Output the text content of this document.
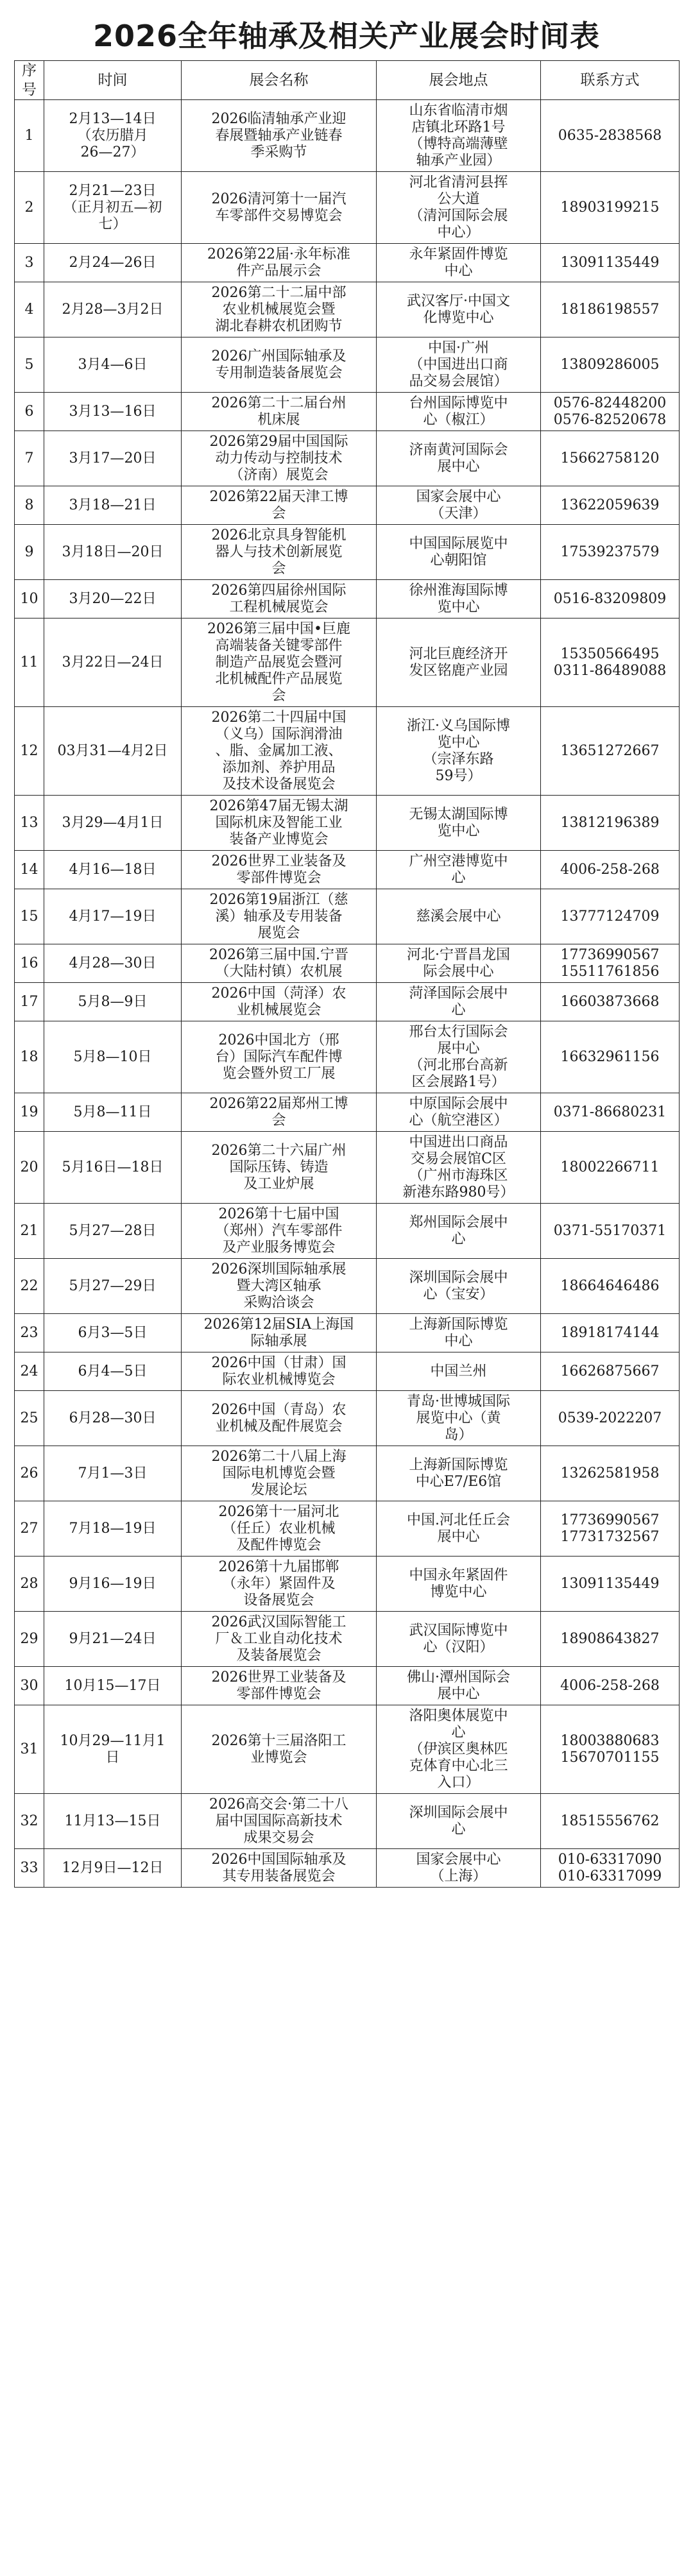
2026全年轴承及相关产业展会时间表
序号	时间	展会名称	展会地点	联系方式

1	2月13—14日
（农历腊月
26—27）	2026临清轴承产业迎
春展暨轴承产业链春
季采购节	山东省临清市烟
店镇北环路1号
（博特高端薄壁
轴承产业园）	0635-2838568

2	2月21—23日
（正月初五—初
七）	2026清河第十一届汽
车零部件交易博览会	河北省清河县挥
公大道
（清河国际会展
中心）	18903199215

3	2月24—26日	2026第22届·永年标准
件产品展示会	永年紧固件博览
中心	13091135449

4	2月28—3月2日	2026第二十二届中部
农业机械展览会暨
湖北春耕农机团购节	武汉客厅·中国文
化博览中心	18186198557

5	3月4—6日	2026广州国际轴承及
专用制造装备展览会	中国·广州
（中国进出口商
品交易会展馆）	13809286005

6	3月13—16日	2026第二十二届台州
机床展	台州国际博览中
心（椒江）	0576-82448200
0576-82520678

7	3月17—20日	2026第29届中国国际
动力传动与控制技术
（济南）展览会	济南黄河国际会
展中心	15662758120

8	3月18—21日	2026第22届天津工博
会	国家会展中心
（天津）	13622059639

9	3月18日—20日	2026北京具身智能机
器人与技术创新展览
会	中国国际展览中
心朝阳馆	17539237579

10	3月20—22日	2026第四届徐州国际
工程机械展览会	徐州淮海国际博
览中心	0516-83209809

11	3月22日—24日	2026第三届中国•巨鹿
高端装备关键零部件
制造产品展览会暨河
北机械配件产品展览
会	河北巨鹿经济开
发区铭鹿产业园	15350566495
0311-86489088

12	03月31—4月2日	2026第二十四届中国
（义乌）国际润滑油
、脂、金属加工液、
添加剂、养护用品
及技术设备展览会	浙江·义乌国际博
览中心
（宗泽东路
59号）	13651272667

13	3月29—4月1日	2026第47届无锡太湖
国际机床及智能工业
装备产业博览会	无锡太湖国际博
览中心	13812196389

14	4月16—18日	2026世界工业装备及
零部件博览会	广州空港博览中
心	4006-258-268

15	4月17—19日	2026第19届浙江（慈
溪）轴承及专用装备
展览会	慈溪会展中心	13777124709

16	4月28—30日	2026第三届中国.宁晋
（大陆村镇）农机展	河北·宁晋昌龙国
际会展中心	17736990567
15511761856

17	5月8—9日	2026中国（菏泽）农
业机械展览会	菏泽国际会展中
心	16603873668

18	5月8—10日	2026中国北方（邢
台）国际汽车配件博
览会暨外贸工厂展	邢台太行国际会
展中心
（河北邢台高新
区会展路1号）	16632961156

19	5月8—11日	2026第22届郑州工博
会	中原国际会展中
心（航空港区）	0371-86680231

20	5月16日—18日	2026第二十六届广州
国际压铸、铸造
及工业炉展	中国进出口商品
交易会展馆C区
（广州市海珠区
新港东路980号）	18002266711

21	5月27—28日	2026第十七届中国
（郑州）汽车零部件
及产业服务博览会	郑州国际会展中
心	0371-55170371

22	5月27—29日	2026深圳国际轴承展
暨大湾区轴承
采购洽谈会	深圳国际会展中
心（宝安）	18664646486

23	6月3—5日	2026第12届SIA上海国
际轴承展	上海新国际博览
中心	18918174144

24	6月4—5日	2026中国（甘肃）国
际农业机械博览会	中国兰州	16626875667

25	6月28—30日	2026中国（青岛）农
业机械及配件展览会	青岛·世博城国际
展览中心（黄
岛）	0539-2022207

26	7月1—3日	2026第二十八届上海
国际电机博览会暨
发展论坛	上海新国际博览
中心E7/E6馆	13262581958

27	7月18—19日	2026第十一届河北
（任丘）农业机械
及配件博览会	中国.河北任丘会
展中心	17736990567
17731732567

28	9月16—19日	2026第十九届邯郸
（永年）紧固件及
设备展览会	中国永年紧固件
博览中心	13091135449

29	9月21—24日	2026武汉国际智能工
厂＆工业自动化技术
及装备展览会	武汉国际博览中
心（汉阳）	18908643827

30	10月15—17日	2026世界工业装备及
零部件博览会	佛山·潭州国际会
展中心	4006-258-268

31	10月29—11月1
日	2026第十三届洛阳工
业博览会	洛阳奥体展览中
心
（伊滨区奥林匹
克体育中心北三
入口）	18003880683
15670701155

32	11月13—15日	2026高交会·第二十八
届中国国际高新技术
成果交易会	深圳国际会展中
心	18515556762

33	12月9日—12日	2026中国国际轴承及
其专用装备展览会	国家会展中心
（上海）	010-63317090
010-63317099
